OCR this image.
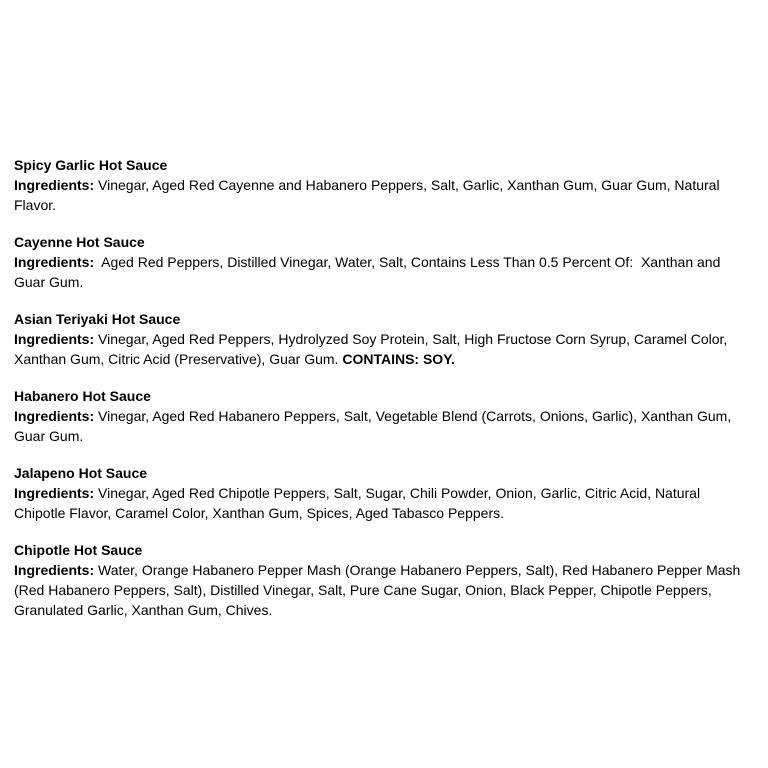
Spicy Garlic Hot Sauce

Ingredients: Vinegar, Aged Red Cayenne and Habanero Peppers, Salt, Garlic, Xanthan Gum, Guar Gum, Natural Flavor.

Cayenne Hot Sauce

Ingredients:  Aged Red Peppers, Distilled Vinegar, Water, Salt, Contains Less Than 0.5 Percent Of:  Xanthan and Guar Gum.

Asian Teriyaki Hot Sauce

Ingredients: Vinegar, Aged Red Peppers, Hydrolyzed Soy Protein, Salt, High Fructose Corn Syrup, Caramel Color, Xanthan Gum, Citric Acid (Preservative), Guar Gum. CONTAINS: SOY.

Habanero Hot Sauce

Ingredients: Vinegar, Aged Red Habanero Peppers, Salt, Vegetable Blend (Carrots, Onions, Garlic), Xanthan Gum, Guar Gum.

Jalapeno Hot Sauce

Ingredients: Vinegar, Aged Red Chipotle Peppers, Salt, Sugar, Chili Powder, Onion, Garlic, Citric Acid, Natural Chipotle Flavor, Caramel Color, Xanthan Gum, Spices, Aged Tabasco Peppers.

Chipotle Hot Sauce

Ingredients: Water, Orange Habanero Pepper Mash (Orange Habanero Peppers, Salt), Red Habanero Pepper Mash (Red Habanero Peppers, Salt), Distilled Vinegar, Salt, Pure Cane Sugar, Onion, Black Pepper, Chipotle Peppers, Granulated Garlic, Xanthan Gum, Chives.
